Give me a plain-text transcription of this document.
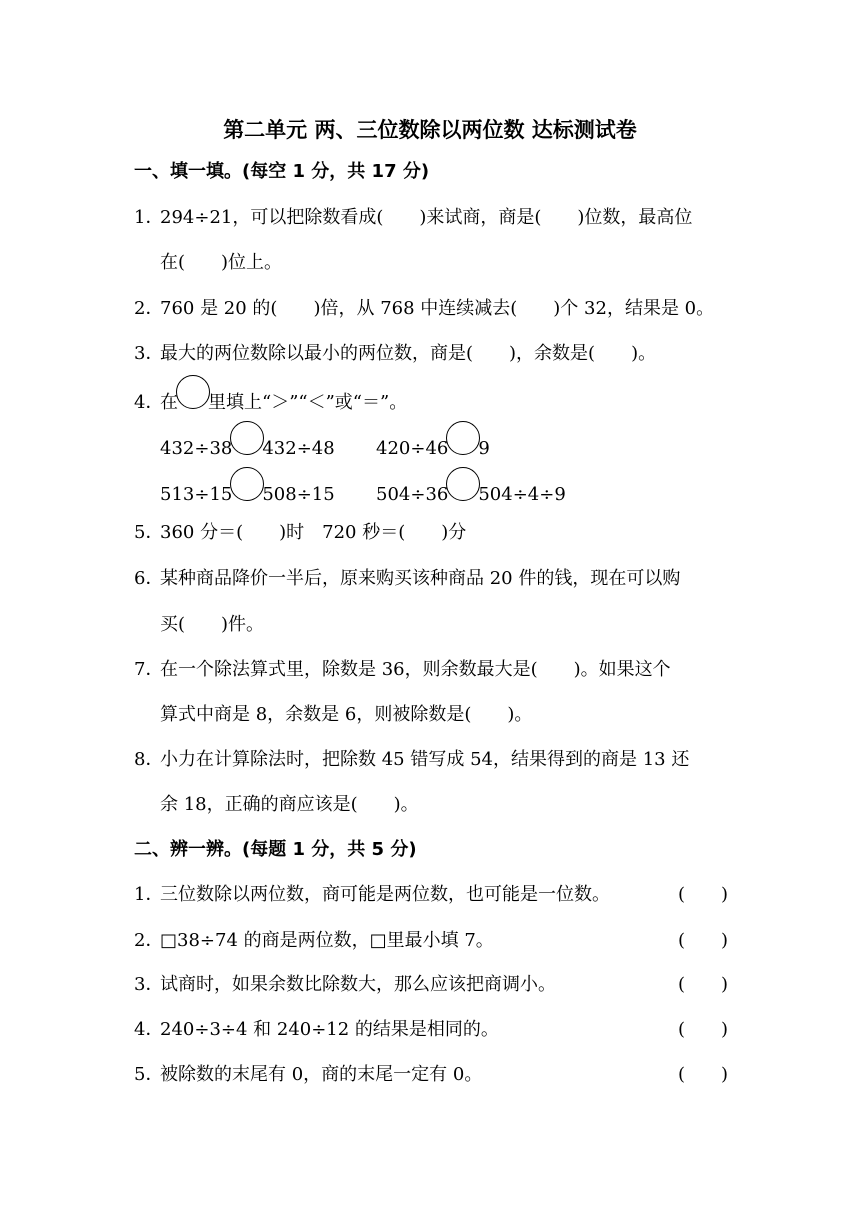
第二单元 两、三位数除以两位数 达标测试卷
一、填一填。(每空 1 分，共 17 分)
1．
294÷21，可以把除数看成(　　)来试商，商是(　　)位数，最高位
在(　　)位上。
2．
760 是 20 的(　　)倍，从 768 中连续减去(　　)个 32，结果是 0。
3．
最大的两位数除以最小的两位数，商是(　　)，余数是(　　)。
4．
在 里填上“＞”“＜”或“＝”。
432÷38 432÷48 420÷46 9
513÷15 508÷15 504÷36 504÷4÷9
5．
360 分＝(　　)时　720 秒＝(　　)分
6．
某种商品降价一半后，原来购买该种商品 20 件的钱，现在可以购
买(　　)件。
7．
在一个除法算式里，除数是 36，则余数最大是(　　)。如果这个
算式中商是 8，余数是 6，则被除数是(　　)。
8．
小力在计算除法时，把除数 45 错写成 54，结果得到的商是 13 还
余 18，正确的商应该是(　　)。
二、辨一辨。(每题 1 分，共 5 分)
1．
三位数除以两位数，商可能是两位数，也可能是一位数。	(　　)
2．
□38÷74 的商是两位数，□里最小填 7。	(　　)
3．
试商时，如果余数比除数大，那么应该把商调小。	(　　)
4．
240÷3÷4 和 240÷12 的结果是相同的。	(　　)
5．
被除数的末尾有 0，商的末尾一定有 0。	(　　)
